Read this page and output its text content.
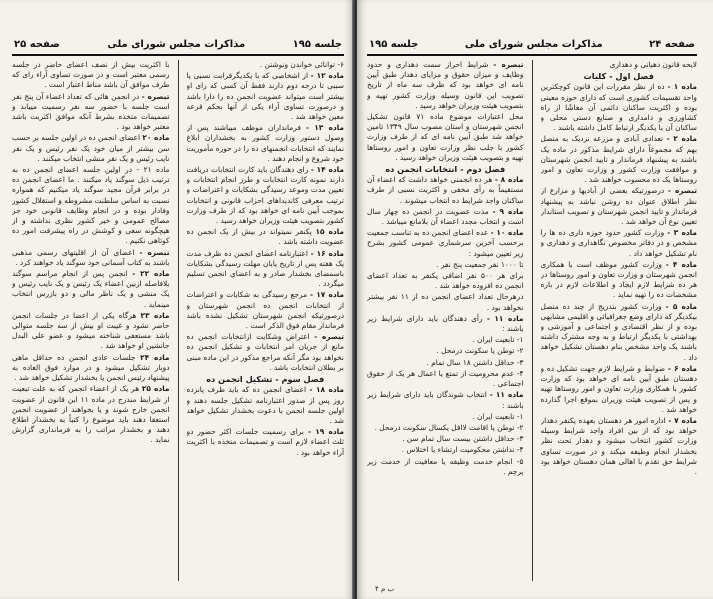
جلسه ۱۹۵
مذاکرات مجلس شورای ملی
صفحه ۲۵

۶- توانائی خواندن ونوشتن .

ماده ۱۲ - از اشخاصی که با یکدیگرقرابت نسبی یا سببی تا درجه دوم دارند فقط آن کسی که رای او بیشتر است میتواند عضویت انجمن ده را دارا باشد و درصورت تساوی آراء یکی از آنها بحکم قرعه معین خواهد شد .

ماده ۱۳ - فرمانداران موظف میباشند پس از وصول دستور وزارت کشور به بخشداران ابلاغ نمایند که انتخابات انجمنهای ده را در حوزه مأموریت خود شروع و انجام دهند .

ماده ۱۴ - رای دهندگان باید کارت انتخابات دریافت دارند نمونه کارت انتخابات و طرز انجام انتخابات و تعیین مدت وموعد رسیدگی بشکایات و اعتراضات و ترتیب معرفی کاندیداهای احزاب قانونی و انتخابات بموجب آیین نامه ای خواهد بود که از طرف وزارت کشور بتصویب هیئت وزیران خواهد رسید .

ماده ۱۵ یکنفر نمیتواند در بیش از یک انجمن ده عضویت داشته باشد .

ماده ۱۶ - اعتبارنامه اعضای انجمن ده ظرف مدت یک هفته پس از تاریخ پایان مهلت رسیدگی بشکایات باسمضای بخشدار صادر و به اعضای انجمن تسلیم میگردد .

ماده ۱۷ - مرجع رسیدگی به شکایات و اعتراضات از انتخابات انجمن ده انجمن شهرستان و درصورتیکه انجمن شهرستان تشکیل نشده باشد فرماندار مقام فوق الذکر است .

تبصره - اعتراض وشکایت ازانتخابات انجمن ده مانع از جریان امر انتخابات و تشکیل انجمن ده نخواهد بود مگر آنکه مراجع مذکور در این ماده مبنی بر بطلان انتخابات باشد .

فصل سوم - تشکیل انجمن ده

ماده ۱۸ - اعضای انجمن ده که باید ظرف پانزده روز پس از صدور اعتبارنامه تشکیل جلسه دهند و اولین جلسه انجمن با دعوت بخشدار تشکیل خواهد شد .

ماده ۱۹ - برای رسمیت جلسات اکثر حضور دو ثلث اعضاء لازم است و تصمیمات متخذه با اکثریت آراء خواهد بود .

با اکثریت بیش از نصف اعضای حاضر در جلسه رسمی معتبر است و در صورت تساوی آراء رای که طرف موافق آن باشد مناط اعتبار است .

تبصره - در انجمن هائی که تعداد اعضاء آن پنج نفر است جلسه با حضور سه نفر رسمیت مییابد و تصمیمات متخذه بشرط آنکه موافق اکثریت باشد معتبر خواهد بود .

ماده ۲۰ اعضای انجمن ده در اولین جلسه بر حسب سن بیشتر از میان خود یک نفر رئیس و یک نفر نایب رئیس و یک نفر منشی انتخاب میکنند .

ماده ۲۱ - در اولین جلسه اعضای انجمن ده به ترتیب ذیل سوگند یاد میکنند . ما اعضای انجمن ده در برابر قرآن مجید سوگند یاد میکنیم که همواره نسبت به اساس سلطنت مشروطه و استقلال کشور وفادار بوده و در انجام وظایف قانونی خود جز مصالح عمومی و خیر کشور نظری نداشته و از هیچگونه سعی و کوشش در راه پیشرفت امور ده کوتاهی نکنیم .

تبصره - اعضای آن از اقلیتهای رسمی مذهبی باشند به کتاب آسمانی خود سوگند یاد خواهند کرد .

ماده ۲۲ - انجمن پس از انجام مراسم سوگند بلافاصله ازبین اعضاء یک رئیس و یک نایب رئیس و یک منشی و یک ناظر مالی و دو بازرس انتخاب مینماید .

ماده ۲۳ هرگاه یکی از اعضا در جلسات انجمن حاضر نشود و غیبت او بیش از سه جلسه متوالی باشد مستعفی شناخته میشود و عضو علی البدل جانشین او خواهد شد .

ماده ۲۴ جلسات عادی انجمن ده حداقل ماهی دوبار تشکیل میشود و در موارد فوق العاده به پیشنهاد رئیس انجمن یا بخشدار تشکیل خواهد شد .

ماده ۲۵ هر یک از اعضاء انجمن که به علت تبعیت از شرایط مندرج در ماده ۱۱ این قانون از عضویت انجمن خارج شوند و یا بخواهند از عضویت انجمن استعفا دهند باید موضوع را کتباً به بخشدار اطلاع دهند و بخشدار مراتب را به فرمانداری گزارش نماید .

صفحه ۲۴
مذاکرات مجلس شورای ملی
جلسه ۱۹۵

لایحه قانون دهبانی و دهداری

فصل اول - کلیات

ماده ۱ - ده از نظر مقررات این قانون کوچکترین واحد تقسیمات کشوری است که دارای حوزه معینی بوده و اکثریت ساکنان دائمی آن معاشًا از راه کشاورزی و دامداری و صنایع دستی محلی و ساکنان آن با یکدیگر ارتباط کامل داشته باشند .

ماده ۲ - تعدادی آبادی و مزرعه نزدیک به متصل بهم که مجموعاً دارای شرایط مذکور در ماده یک باشند به پیشنهاد فرماندار و تایید انجمن شهرستان و موافقت وزارت کشور و وزارت تعاون و امور روستاها یک ده محسوب خواهند شد .

تبصره - درصورتیکه بعضی از آبادیها و مزارع از نظر اطلاق عنوان ده روشن نباشد به پیشنهاد فرماندار و تایید انجمن شهرستان و تصویب استاندار تعیین نوع آن خواهد شد .

ماده ۳ - وزارت کشور حدود حوزه داری ده ها را مشخص و در دفاتر مخصوص نگاهداری و دهداری و نام تشکیل خواهد داد .

ماده ۴ - وزارت کشور موظف است با همکاری انجمن شهرستان و وزارت تعاون و امور روستاها در هر ده شرایط لازم ایجاد و اطلاعات لازم در باره مشخصات ده را تهیه نماید .

ماده ۵ - وزارت کشور بتدریج از چند ده متصل بیکدیگر که دارای وضع جغرافیائی و اقلیمی مشابهی بوده و از نظر اقتصادی و اجتماعی و آموزشی و بهداشتی با یکدیگر ارتباط و به وجه مشترک داشته باشند یک واحد مشخص بنام دهستان تشکیل خواهد داد .

ماده ۶ - ضوابط و شرایط لازم جهت تشکیل ده و دهستان طبق آیین نامه ای خواهد بود که وزارت کشور با همکاری وزارت تعاون و امور روستاها تهیه و پس از تصویب هیئت وزیران بموقع اجرا گذارده خواهد شد .

ماده ۷ - اداره امور هر دهستان بعهده یکنفر دهدار خواهد بود که از بین افراد واجد شرایط وسیله وزارت کشور انتخاب میشود و دهدار تحت نظر بخشدار انجام وظیفه میکند و در صورت تساوی شرایط حق تقدم با اهالی همان دهستان خواهد بود .

تبصره - شرایط احراز سمت دهداری و حدود وظایف و میزان حقوق و مزایای دهدار طبق آیین نامه ای خواهد بود که ظرف سه ماه از تاریخ تصویب این قانون وسیله وزارت کشور تهیه و بتصویب هیئت وزیران خواهد رسید .

محل اعتبارات موضوع ماده ۷۱ قانون تشکیل انجمن شهرستان و استان مصوب سال ۱۳۴۹ تامین خواهد شد طبق آیین نامه ای که از طرف وزارت کشور با جلب نظر وزارت تعاون و امور روستاها تهیه و بتصویب هیئت وزیران خواهد رسید .

فصل دوم - انتخابات انجمن ده

ماده ۸ - هر ده انجمنی خواهد داشت که اعضاء آن مستقیماً به رأی مخفی و اکثریت نسبی از طرف ساکنان واجد شرایط ده انتخاب میشوند .

ماده ۹ - مدت عضویت در انجمن ده چهار سال است و انتخاب مجدد اعضاء آن بلامانع میباشد .

ماده ۱۰ - عده اعضای انجمن ده به تناسب جمعیت برحسب آخرین سرشماری عمومی کشور بشرح زیر تعیین میشود :

تا ۱۰۰۰ نفر جمعیت پنج نفر .

برای هر ۵۰۰ نفر اضافی یکنفر به تعداد اعضای انجمن ده افزوده خواهد شد .

درهرحال تعداد اعضای انجمن ده از ۱۱ نفر بیشتر نخواهد بود .

ماده ۱۱ - رأی دهندگان باید دارای شرایط زیر باشند :

۱- تابعیت ایران .

۲- توطن یا سکونت درمحل .

۳- حداقل داشتن ۱۸ سال تمام .

۴- عدم محرومیت از تمتع یا اعمال هر یک از حقوق اجتماعی .

ماده ۱۱ - انتخاب شوندگان باید دارای شرایط زیر باشند :

۱- تابعیت ایران .

۲- توطن یا اقامت لااقل یکسال سکونت درمحل .

۳- حداقل داشتن بیست سال تمام سن .

۴- نداشتن محکومیت ارتشاء یا اختلاس .

۵- انجام خدمت وظیفه یا معافیت از خدمت زیر پرچم .

ب م ۴
